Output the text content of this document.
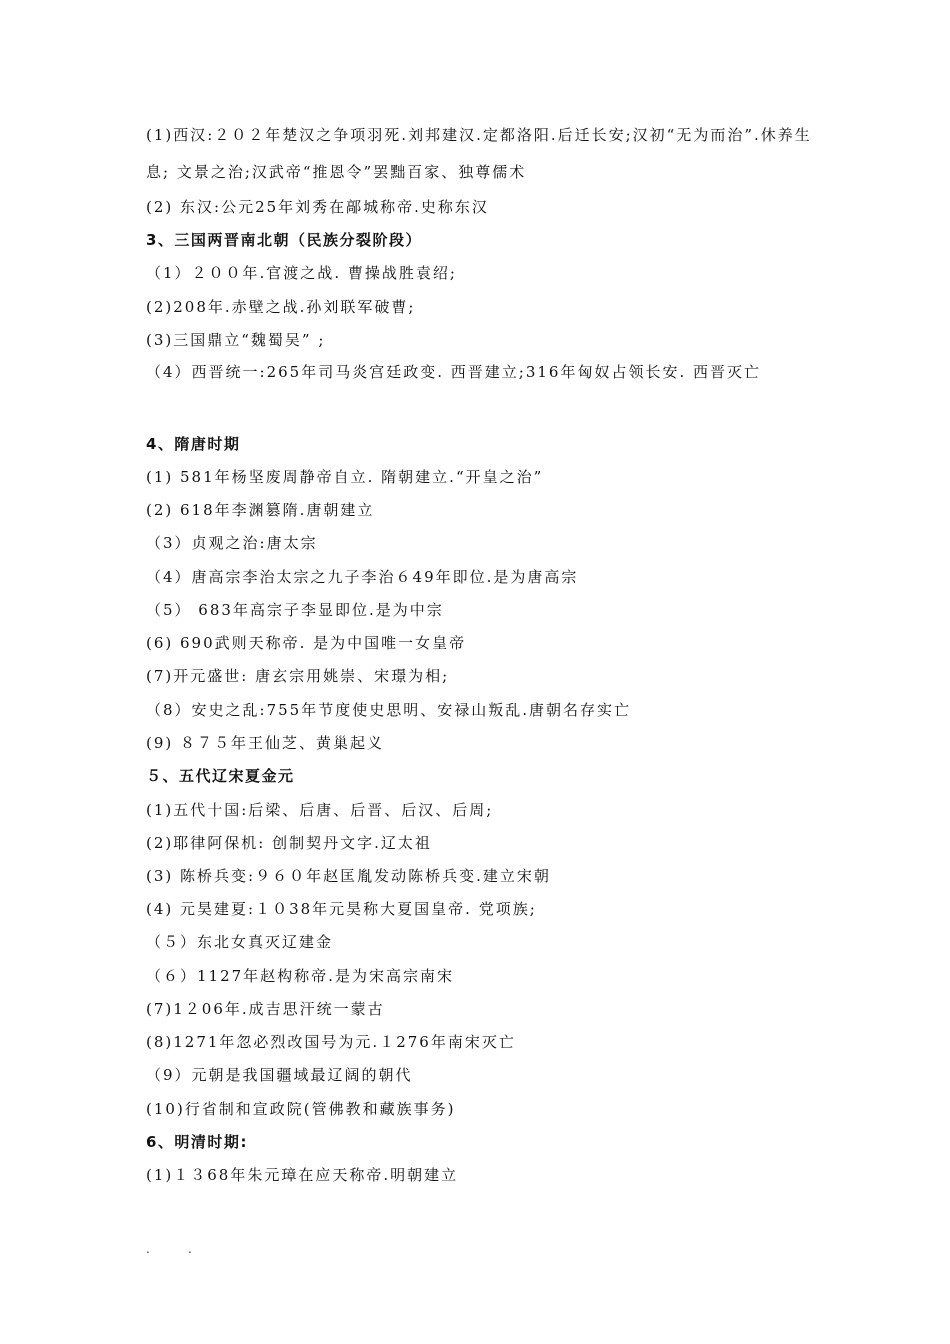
(1)西汉:２０２年楚汉之争项羽死.刘邦建汉.定都洛阳.后迁长安;汉初“无为而治”.休养生息; 文景之治;汉武帝“推恩令”罢黜百家、独尊儒术
(2) 东汉:公元25年刘秀在鄗城称帝.史称东汉
3、三国两晋南北朝（民族分裂阶段）
（1）２００年.官渡之战. 曹操战胜袁绍;
(2)208年.赤壁之战.孙刘联军破曹;
(3)三国鼎立“魏蜀吴” ;
（4）西晋统一:265年司马炎宫廷政变. 西晋建立;316年匈奴占领长安. 西晋灭亡
4、隋唐时期
(1) 581年杨坚废周静帝自立. 隋朝建立.“开皇之治”
(2) 618年李渊篡隋.唐朝建立
（3）贞观之治:唐太宗
（4）唐高宗李治太宗之九子李治６49年即位.是为唐高宗
（5） 683年高宗子李显即位.是为中宗
(6) 690武则天称帝. 是为中国唯一女皇帝
(7)开元盛世: 唐玄宗用姚崇、宋璟为相;
（8）安史之乱:755年节度使史思明、安禄山叛乱.唐朝名存实亡
(9) ８７５年王仙芝、黄巢起义
５、五代辽宋夏金元
(1)五代十国:后梁、后唐、后晋、后汉、后周;
(2)耶律阿保机: 创制契丹文字.辽太祖
(3) 陈桥兵变:９６０年赵匡胤发动陈桥兵变.建立宋朝
(4) 元昊建夏:１０38年元昊称大夏国皇帝. 党项族;
（５）东北女真灭辽建金
（６）1127年赵构称帝.是为宋高宗南宋
(7)1２06年.成吉思汗统一蒙古
(8)1271年忽必烈改国号为元.１276年南宋灭亡
（9）元朝是我国疆域最辽阔的朝代
(10)行省制和宣政院(管佛教和藏族事务)
6、明清时期:
(1)１３68年朱元璋在应天称帝.明朝建立
.          .
